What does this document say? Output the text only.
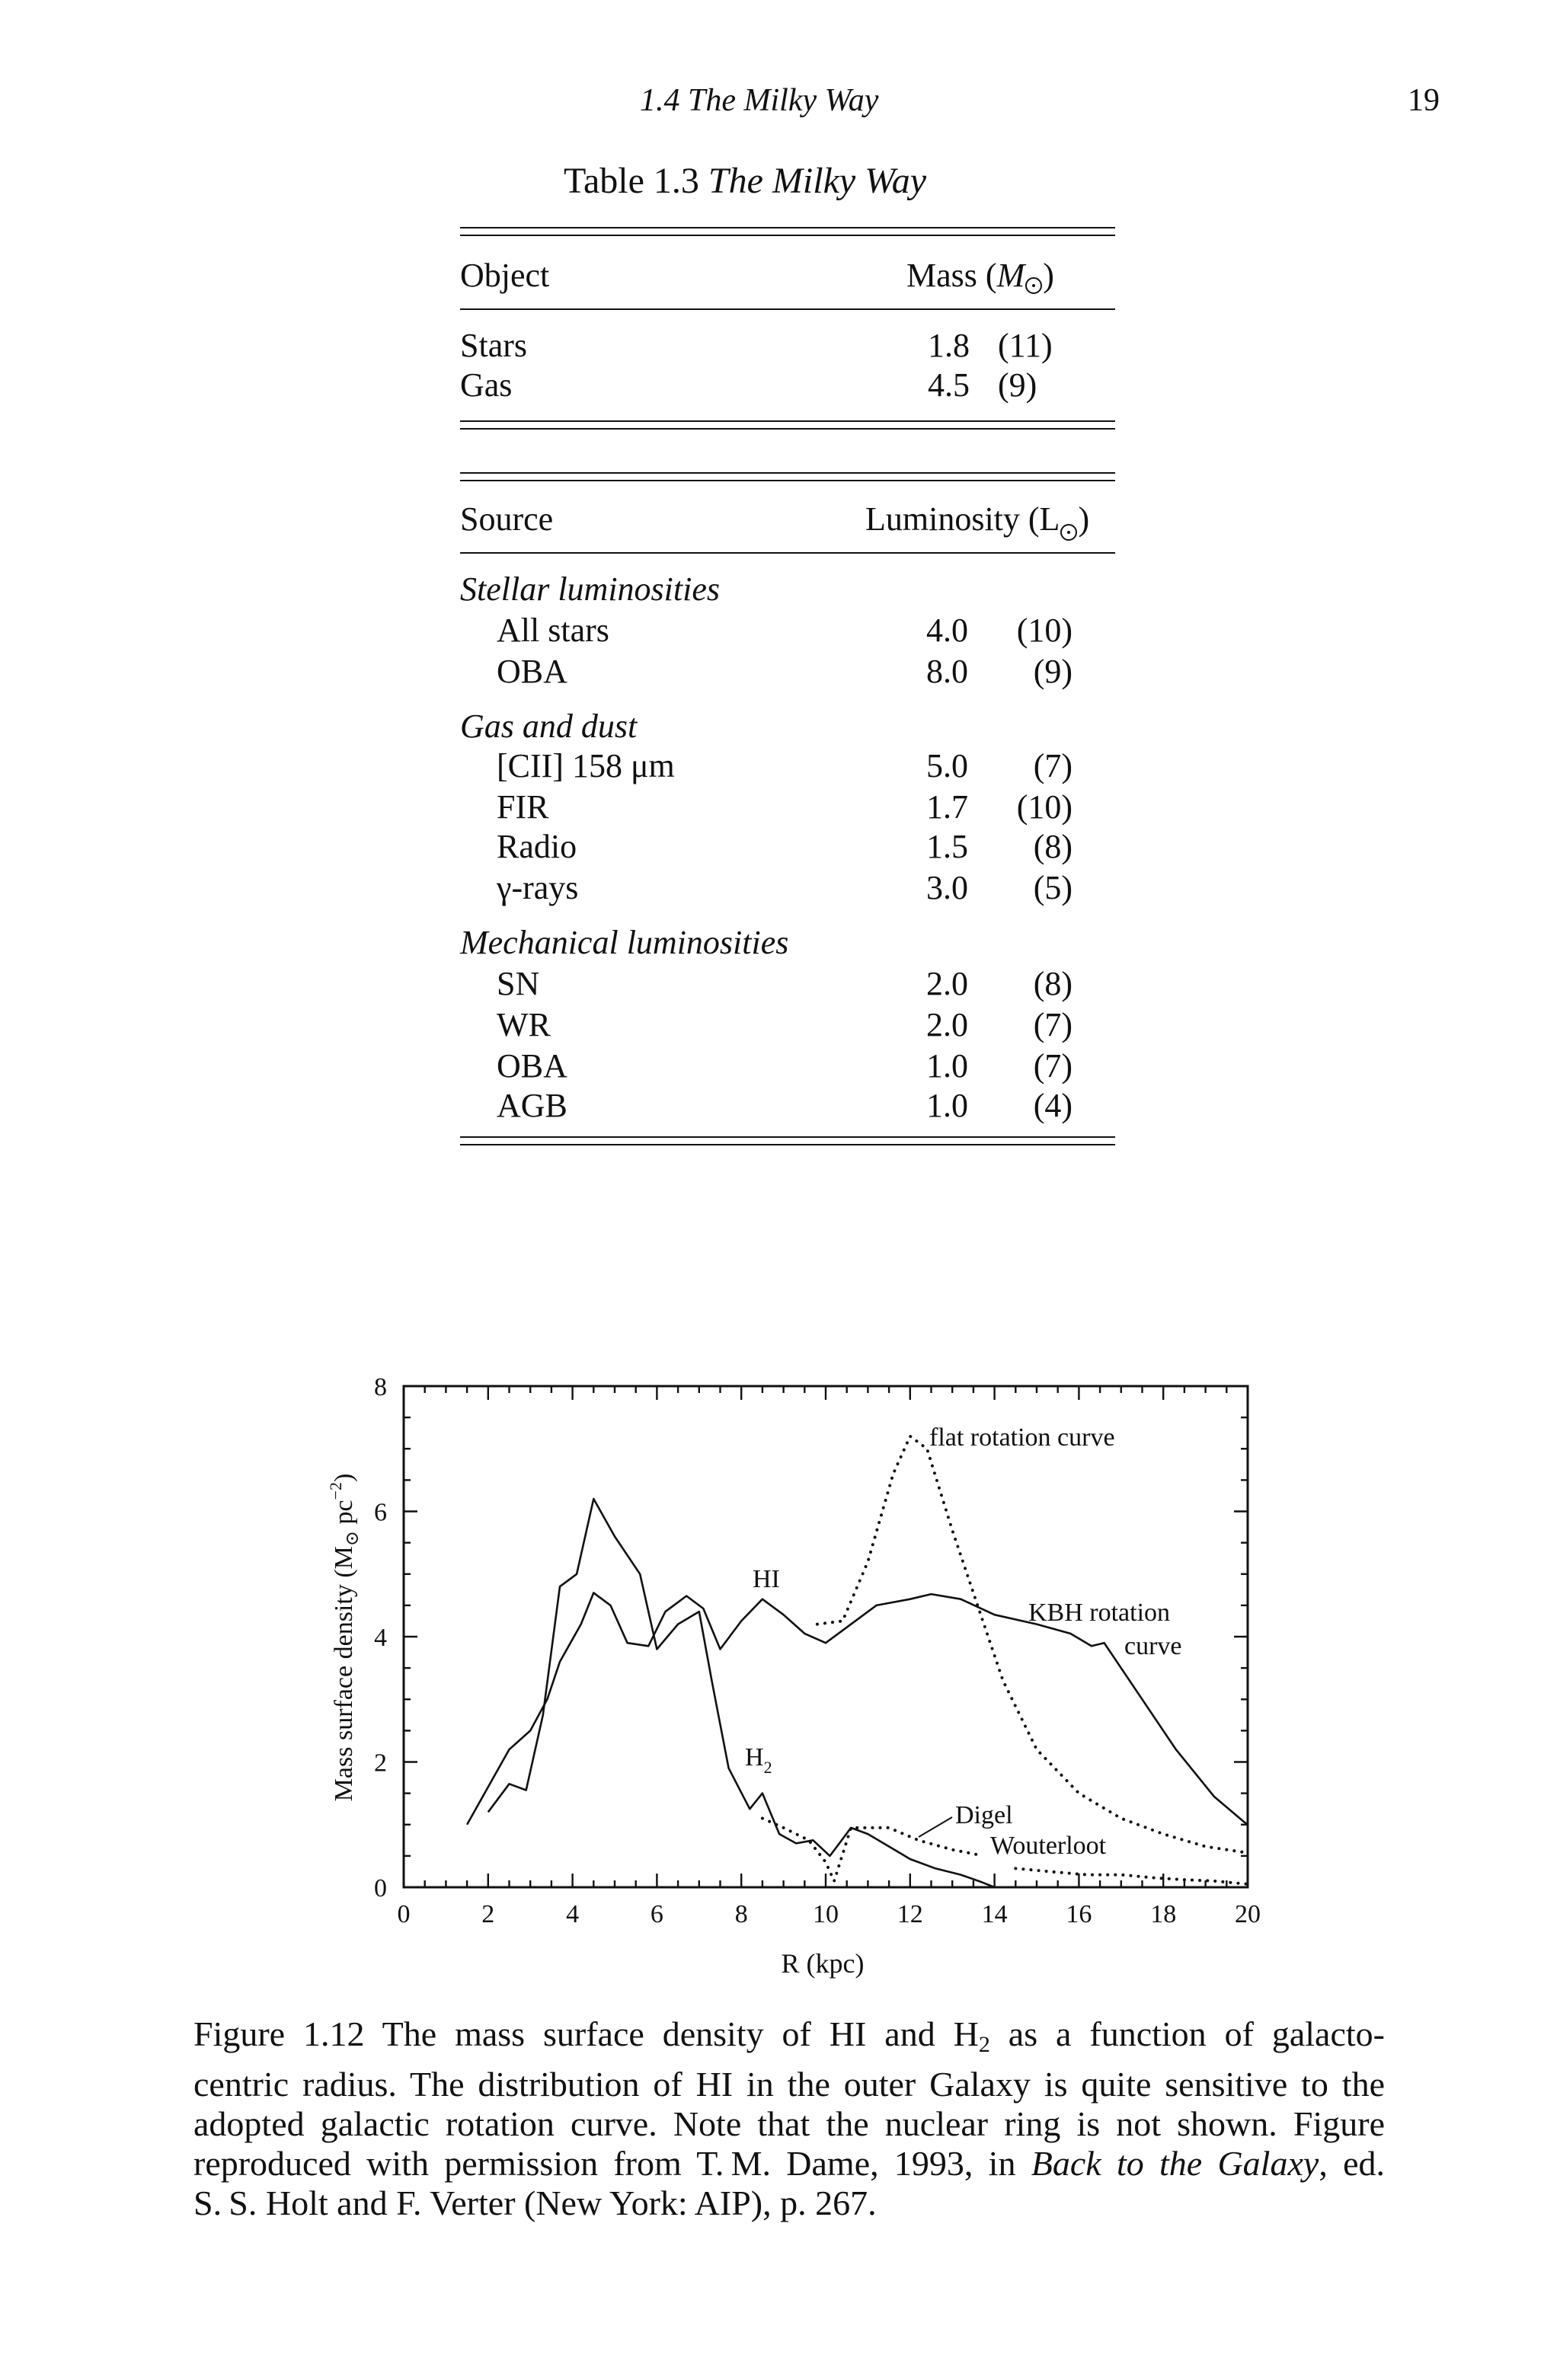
1.4 The Milky Way	19
Table 1.3 The Milky Way
Object	Mass (M )
Stars	1.8 (11)
Gas	4.5 (9)
Source	Luminosity (L )
Stellar luminosities
All stars	4.0 (10)
OBA	8.0 (9)
Gas and dust
[CII] 158 μm	5.0 (7)
FIR	1.7 (10)
Radio	1.5 (8)
γ-rays	3.0 (5)
Mechanical luminosities
SN	2.0 (8)
WR	2.0 (7)
OBA	1.0 (7)
AGB	1.0 (4)
0	2	4	6	8	10 12 14 16 18 20
0
2
4
6
8
R (kpc)
Mass surface density ($M_⊙$ $pc^{-2}$)
HI
$H_2$
flat rotation curve
KBH rotation
curve
Digel
Wouterloot
Figure 1.12 The mass surface density of HI and $H_2$ as a function of galacto-
centric radius. The distribution of HI in the outer Galaxy is quite sensitive to the
adopted galactic rotation curve. Note that the nuclear ring is not shown. Figure
reproduced with permission from T. M. Dame, 1993, in Back to the Galaxy, ed.
S. S. Holt and F. Verter (New York: AIP), p. 267.
